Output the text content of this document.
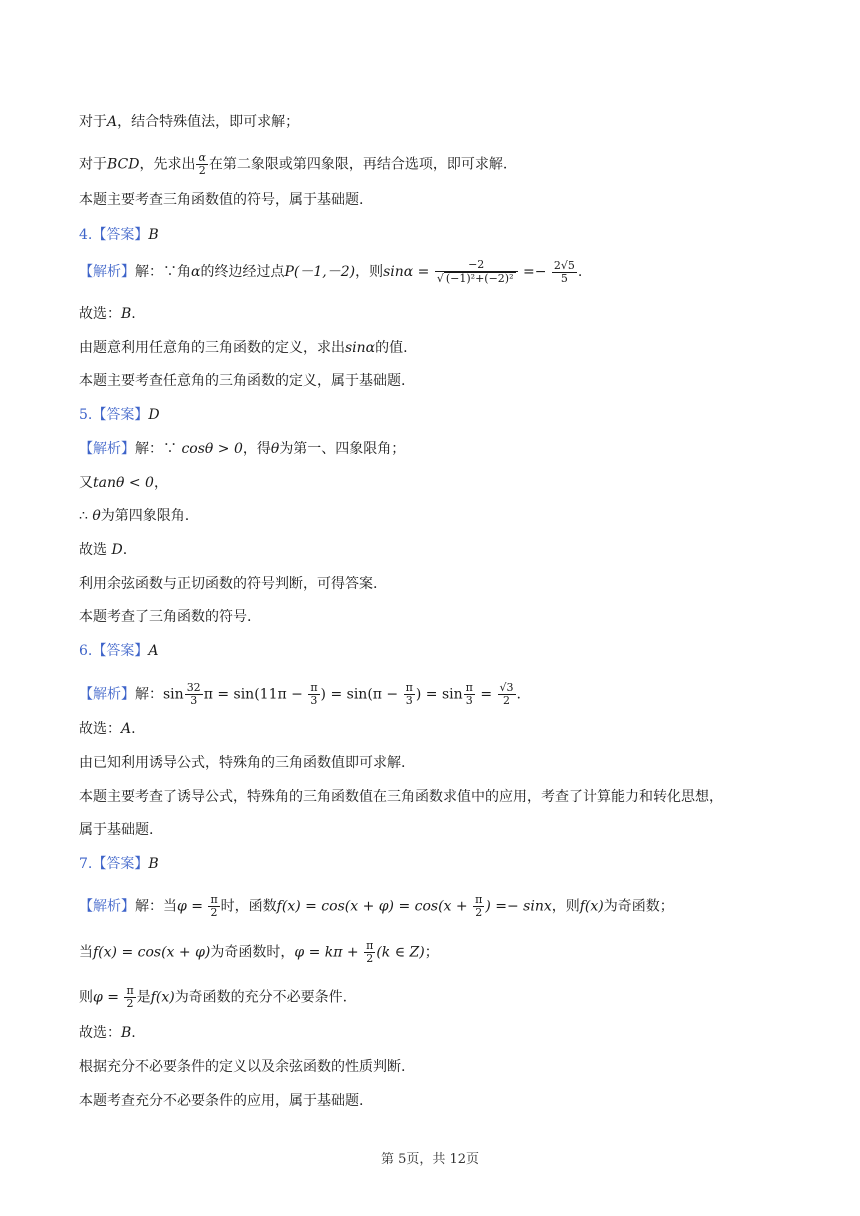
对于A，结合特殊值法，即可求解；
对于BCD，先求出 $\frac{\alpha}{2}$ 在第二象限或第四象限，再结合选项，即可求解.
本题主要考查三角函数值的符号，属于基础题.
4.【答案】B
【解析】解：∵角α的终边经过点P(－1,－2)，则$\sin\alpha = \frac{-2}{\text{√ (−1)²+(−2)²}} =- \frac{2√5}{5}$ .
故选：B.
由题意利用任意角的三角函数的定义，求出sinα的值.
本题主要考查任意角的三角函数的定义，属于基础题.
5.【答案】D
【解析】解：∵ cosθ > 0，得θ为第一、四象限角；
又tanθ < 0，
∴ θ为第四象限角.
故选 D.
利用余弦函数与正切函数的符号判断，可得答案.
本题考查了三角函数的符号.
6.【答案】A
【解析】解：$\sin \frac{32}{3}$ $\pi = \sin(11\pi - \frac{\pi}{3}$ ) = $\sin(\pi - \frac{\pi}{3}$ ) = $\sin \frac{\pi}{3} = \frac{√3}{2}$ .
故选：A.
由已知利用诱导公式，特殊角的三角函数值即可求解.
本题主要考查了诱导公式，特殊角的三角函数值在三角函数求值中的应用，考查了计算能力和转化思想，
属于基础题.
7.【答案】B
【解析】解：当$\varphi = \frac{\pi}{2}$ 时，函数$f(x) = \cos(x + \varphi) = \cos(x + \frac{\pi}{2}$ ) =− sinx，则f(x)为奇函数；
当f(x) = cos(x + φ)为奇函数时，$\varphi = k\pi + \frac{\pi}{2} (k$ ∈ Z)；
则$\varphi = \frac{\pi}{2}$ 是f(x)为奇函数的充分不必要条件.
故选：B.
根据充分不必要条件的定义以及余弦函数的性质判断.
本题考查充分不必要条件的应用，属于基础题.
第 5页，共 12页
